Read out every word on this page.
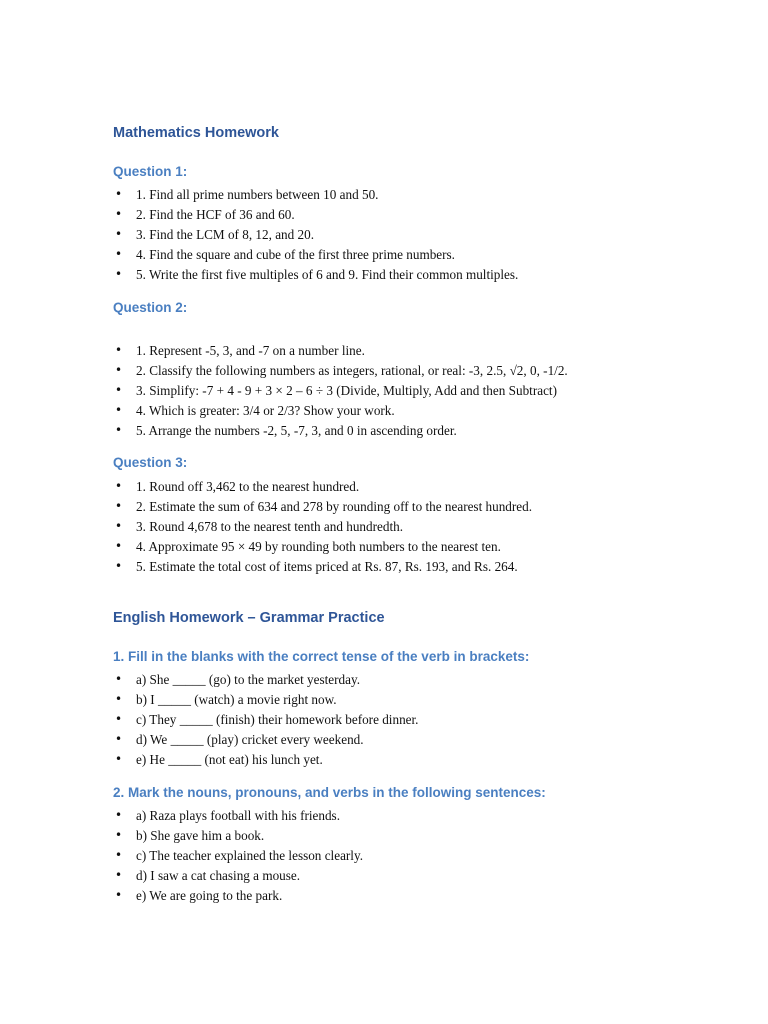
Mathematics Homework
Question 1:
• 1. Find all prime numbers between 10 and 50.
• 2. Find the HCF of 36 and 60.
• 3. Find the LCM of 8, 12, and 20.
• 4. Find the square and cube of the first three prime numbers.
• 5. Write the first five multiples of 6 and 9. Find their common multiples.
Question 2:
• 1. Represent -5, 3, and -7 on a number line.
• 2. Classify the following numbers as integers, rational, or real: -3, 2.5, √2, 0, -1/2.
• 3. Simplify: -7 + 4 - 9 + 3 × 2 – 6 ÷ 3 (Divide, Multiply, Add and then Subtract)
• 4. Which is greater: 3/4 or 2/3? Show your work.
• 5. Arrange the numbers -2, 5, -7, 3, and 0 in ascending order.
Question 3:
• 1. Round off 3,462 to the nearest hundred.
• 2. Estimate the sum of 634 and 278 by rounding off to the nearest hundred.
• 3. Round 4,678 to the nearest tenth and hundredth.
• 4. Approximate 95 × 49 by rounding both numbers to the nearest ten.
• 5. Estimate the total cost of items priced at Rs. 87, Rs. 193, and Rs. 264.
English Homework – Grammar Practice
1. Fill in the blanks with the correct tense of the verb in brackets:
• a) She _____ (go) to the market yesterday.
• b) I _____ (watch) a movie right now.
• c) They _____ (finish) their homework before dinner.
• d) We _____ (play) cricket every weekend.
• e) He _____ (not eat) his lunch yet.
2. Mark the nouns, pronouns, and verbs in the following sentences:
• a) Raza plays football with his friends.
• b) She gave him a book.
• c) The teacher explained the lesson clearly.
• d) I saw a cat chasing a mouse.
• e) We are going to the park.
